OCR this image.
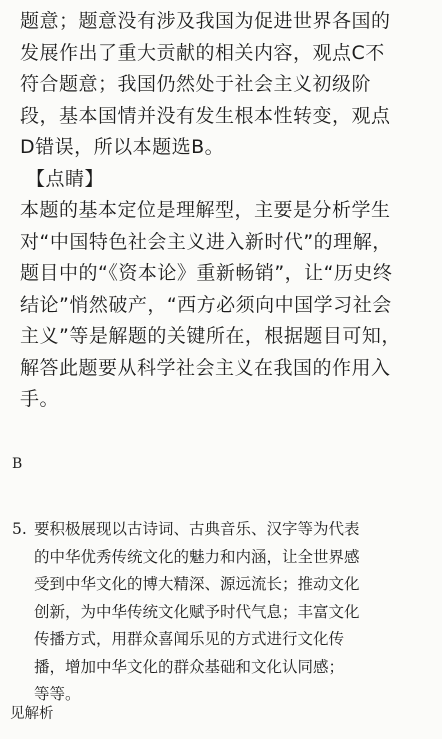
题意；题意没有涉及我国为促进世界各国的
发展作出了重大贡献的相关内容，观点C不
符合题意；我国仍然处于社会主义初级阶
段，基本国情并没有发生根本性转变，观点
D错误，所以本题选B。
【点睛】
本题的基本定位是理解型，主要是分析学生
对“中国特色社会主义进入新时代”的理解，
题目中的“《资本论》重新畅销”，让“历史终
结论”悄然破产，“西方必须向中国学习社会
主义”等是解题的关键所在，根据题目可知，
解答此题要从科学社会主义在我国的作用入
手。
B
5. 要积极展现以古诗词、古典音乐、汉字等为代表
的中华优秀传统文化的魅力和内涵，让全世界感
受到中华文化的博大精深、源远流长；推动文化
创新，为中华传统文化赋予时代气息；丰富文化
传播方式，用群众喜闻乐见的方式进行文化传
播，增加中华文化的群众基础和文化认同感；
等等。
见解析
